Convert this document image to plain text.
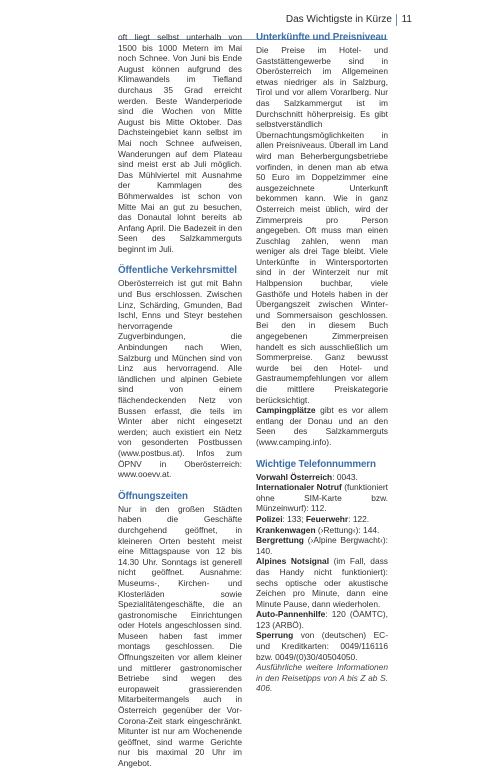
Das Wichtigste in Kürze 11

oft liegt selbst unterhalb von 1500 bis 1000 Metern im Mai noch Schnee. Von Juni bis Ende August können aufgrund des Klimawandels im Tiefland durchaus 35 Grad erreicht werden. Beste Wanderperiode sind die Wochen von Mitte August bis Mitte Oktober. Das Dachsteingebiet kann selbst im Mai noch Schnee aufweisen, Wanderungen auf dem Plateau sind meist erst ab Juli möglich. Das Mühlviertel mit Ausnahme der Kammlagen des Böhmerwaldes ist schon von Mitte Mai an gut zu besuchen, das Donautal lohnt bereits ab Anfang April. Die Badezeit in den Seen des Salzkammerguts beginnt im Juli.

Öffentliche Verkehrsmittel

Oberösterreich ist gut mit Bahn und Bus erschlossen. Zwischen Linz, Schärding, Gmunden, Bad Ischl, Enns und Steyr bestehen hervorragende Zugverbindungen, die Anbindungen nach Wien, Salzburg und München sind von Linz aus hervorragend. Alle ländlichen und alpinen Gebiete sind von einem flächendeckenden Netz von Bussen erfasst, die teils im Winter aber nicht eingesetzt werden; auch existiert ein Netz von gesonderten Postbussen (www.postbus.at). Infos zum ÖPNV in Oberösterreich: www.ooevv.at.

Öffnungszeiten

Nur in den großen Städten haben die Geschäfte durchgehend geöffnet, in kleineren Orten besteht meist eine Mittagspause von 12 bis 14.30 Uhr. Sonntags ist generell nicht geöffnet. Ausnahme: Museums-, Kirchen- und Klosterläden sowie Spezialitätengeschäfte, die an gastronomische Einrichtungen oder Hotels angeschlossen sind. Museen haben fast immer montags geschlossen. Die Öffnungszeiten vor allem kleiner und mittlerer gastronomischer Betriebe sind wegen des europaweit grassierenden Mitarbeitermangels auch in Österreich gegenüber der Vor-Corona-Zeit stark eingeschränkt. Mitunter ist nur am Wochenende geöffnet, sind warme Gerichte nur bis maximal 20 Uhr im Angebot.

Unterkünfte und Preisniveau

Die Preise im Hotel- und Gaststättengewerbe sind in Oberösterreich im Allgemeinen etwas niedriger als in Salzburg, Tirol und vor allem Vorarlberg. Nur das Salzkammergut ist im Durchschnitt höherpreisig. Es gibt selbstverständlich Übernachtungsmöglichkeiten in allen Preisniveaus. Überall im Land wird man Beherbergungsbetriebe vorfinden, in denen man ab etwa 50 Euro im Doppelzimmer eine ausgezeichnete Unterkunft bekommen kann. Wie in ganz Österreich meist üblich, wird der Zimmerpreis pro Person angegeben. Oft muss man einen Zuschlag zahlen, wenn man weniger als drei Tage bleibt. Viele Unterkünfte in Wintersportorten sind in der Winterzeit nur mit Halbpension buchbar, viele Gasthöfe und Hotels haben in der Übergangszeit zwischen Winter- und Sommersaison geschlossen. Bei den in diesem Buch angegebenen Zimmerpreisen handelt es sich ausschließlich um Sommerpreise. Ganz bewusst wurde bei den Hotel- und Gastraumempfehlungen vor allem die mittlere Preiskategorie berücksichtigt.

Campingplätze gibt es vor allem entlang der Donau und an den Seen des Salzkammerguts (www.camping.info).

Wichtige Telefonnummern

Vorwahl Österreich: 0043.

Internationaler Notruf (funktioniert ohne SIM-Karte bzw. Münzeinwurf): 112.

Polizei: 133; Feuerwehr: 122.

Krankenwagen (›Rettung‹): 144.

Bergrettung (›Alpine Bergwacht‹): 140.

Alpines Notsignal (im Fall, dass das Handy nicht funktioniert): sechs optische oder akustische Zeichen pro Minute, dann eine Minute Pause, dann wiederholen.

Auto-Pannenhilfe: 120 (ÖAMTC), 123 (ARBÖ).

Sperrung von (deutschen) EC- und Kreditkarten: 0049/116116 bzw. 0049/(0)30/40504050.

Ausführliche weitere Informationen in den Reisetipps von A bis Z ab S. 406.
